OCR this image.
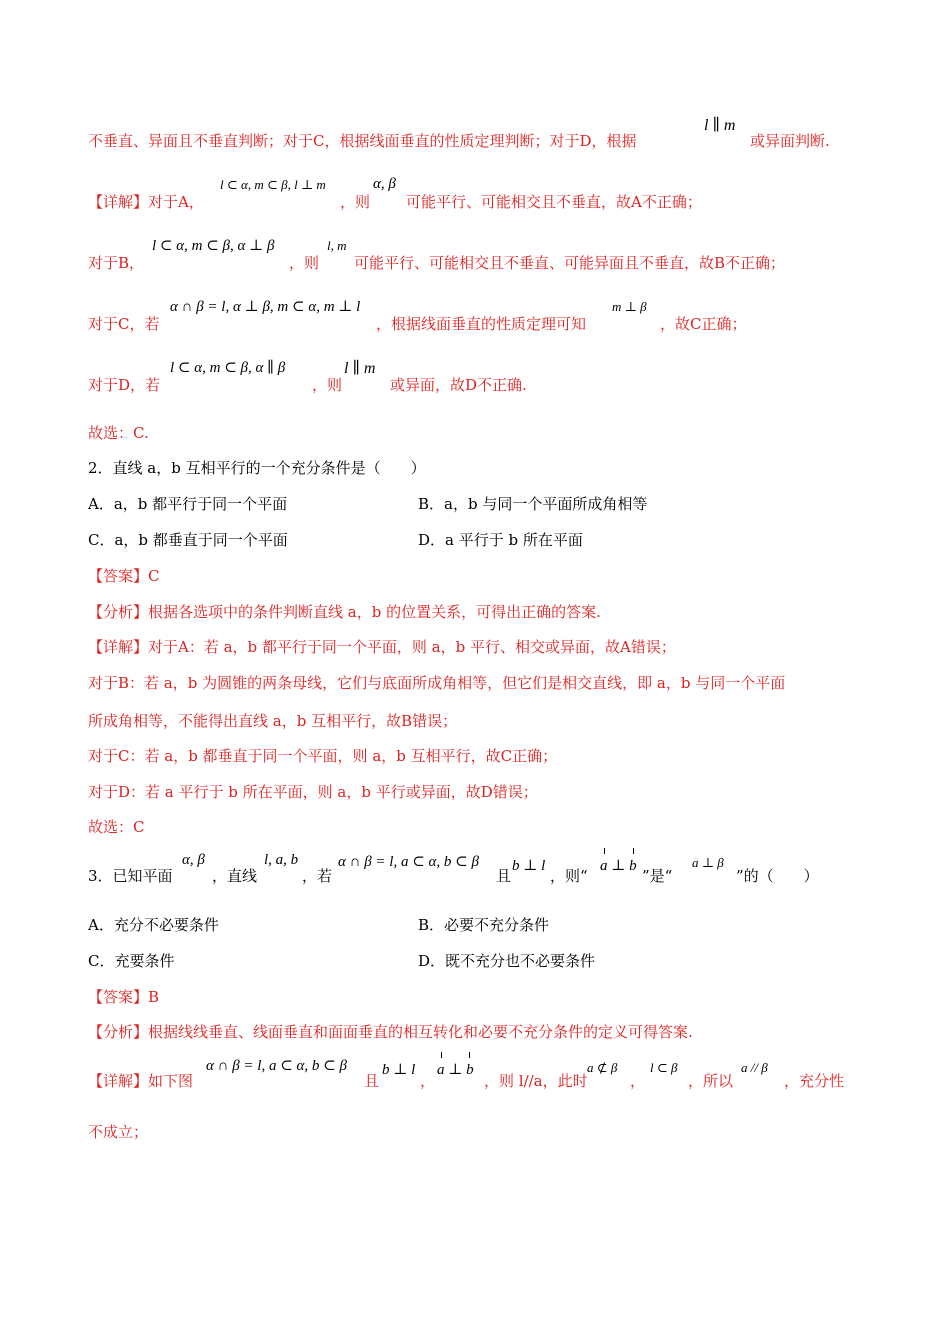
不垂直、异面且不垂直判断；对于C，根据线面垂直的性质定理判断；对于D，根据
l ∥ m
或异面判断.
【详解】对于A，
l ⊂ α, m ⊂ β, l ⊥ m
，则
α, β
可能平行、可能相交且不垂直，故A不正确；
对于B，
l ⊂ α, m ⊂ β, α ⊥ β
，则
l, m
可能平行、可能相交且不垂直、可能异面且不垂直，故B不正确；
对于C，若
α ∩ β = l, α ⊥ β, m ⊂ α, m ⊥ l
，根据线面垂直的性质定理可知
m ⊥ β
，故C正确；
对于D，若
l ⊂ α, m ⊂ β, α ∥ β
，则
l ∥ m
或异面，故D不正确.
故选：C.
2．直线 a，b 互相平行的一个充分条件是（　　）
A．a，b 都平行于同一个平面	B．a，b 与同一个平面所成角相等
C．a，b 都垂直于同一个平面	D．a 平行于 b 所在平面
【答案】C
【分析】根据各选项中的条件判断直线 a，b 的位置关系，可得出正确的答案.
【详解】对于A：若 a，b 都平行于同一个平面，则 a，b 平行、相交或异面，故A错误；
对于B：若 a，b 为圆锥的两条母线，它们与底面所成角相等，但它们是相交直线，即 a，b 与同一个平面
所成角相等，不能得出直线 a，b 互相平行，故B错误；
对于C：若 a，b 都垂直于同一个平面，则 a，b 互相平行，故C正确；
对于D：若 a 平行于 b 所在平面，则 a，b 平行或异面，故D错误；
故选：C
3．已知平面
α, β
，直线
l, a, b
，若
α ∩ β = l, a ⊂ α, b ⊂ β
且
b ⊥ l
，则“
a ⊥ b
”是“
a ⊥ β
”的（　　）
A．充分不必要条件	B．必要不充分条件
C．充要条件	D．既不充分也不必要条件
【答案】B
【分析】根据线线垂直、线面垂直和面面垂直的相互转化和必要不充分条件的定义可得答案.
【详解】如下图
α ∩ β = l, a ⊂ α, b ⊂ β
且
b ⊥ l
，
a ⊥ b
，则 l//a，此时
a ⊄ β
，
l ⊂ β
，所以
a // β
，充分性
不成立；
